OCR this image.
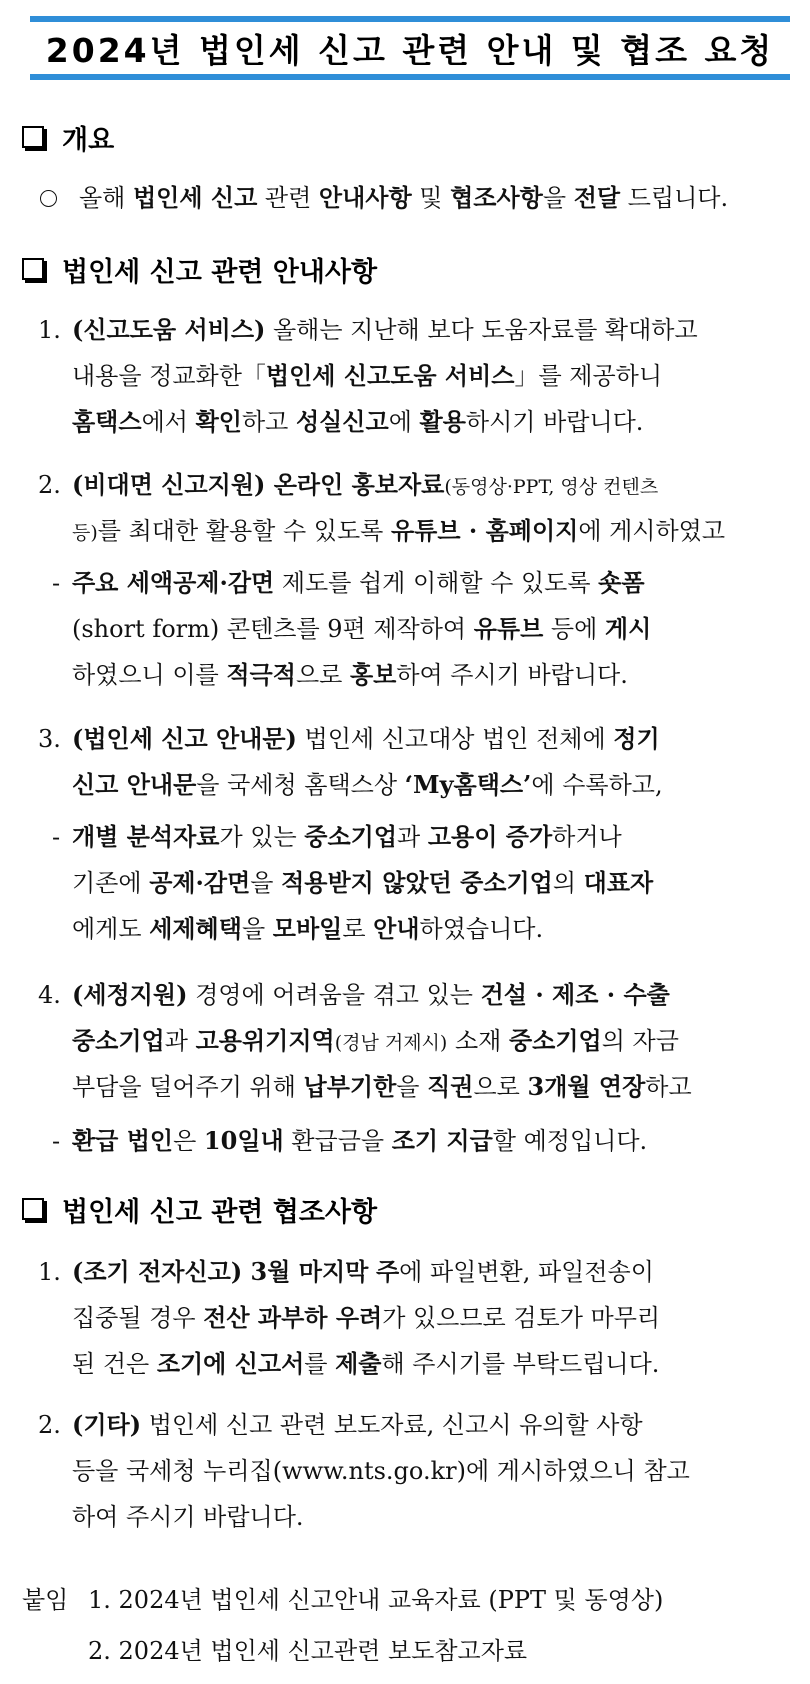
2024년 법인세 신고 관련 안내 및 협조 요청
개요
올해 법인세 신고 관련 안내사항 및 협조사항을 전달 드립니다.
법인세 신고 관련 안내사항
1. (신고도움 서비스) 올해는 지난해 보다 도움자료를 확대하고
내용을 정교화한「법인세 신고도움 서비스」를 제공하니
홈택스에서 확인하고 성실신고에 활용하시기 바랍니다.
2. (비대면 신고지원) 온라인 홍보자료(동영상·PPT, 영상 컨텐츠
등)를 최대한 활용할 수 있도록 유튜브 · 홈페이지에 게시하였고
- 주요 세액공제·감면 제도를 쉽게 이해할 수 있도록 숏폼
(short form) 콘텐츠를 9편 제작하여 유튜브 등에 게시
하였으니 이를 적극적으로 홍보하여 주시기 바랍니다.
3. (법인세 신고 안내문) 법인세 신고대상 법인 전체에 정기
신고 안내문을 국세청 홈택스상 ‘My홈택스’에 수록하고,
- 개별 분석자료가 있는 중소기업과 고용이 증가하거나
기존에 공제·감면을 적용받지 않았던 중소기업의 대표자
에게도 세제혜택을 모바일로 안내하였습니다.
4. (세정지원) 경영에 어려움을 겪고 있는 건설 · 제조 · 수출
중소기업과 고용위기지역(경남 거제시) 소재 중소기업의 자금
부담을 덜어주기 위해 납부기한을 직권으로 3개월 연장하고
- 환급 법인은 10일내 환급금을 조기 지급할 예정입니다.
법인세 신고 관련 협조사항
1. (조기 전자신고) 3월 마지막 주에 파일변환, 파일전송이
집중될 경우 전산 과부하 우려가 있으므로 검토가 마무리
된 건은 조기에 신고서를 제출해 주시기를 부탁드립니다.
2. (기타) 법인세 신고 관련 보도자료, 신고시 유의할 사항
등을 국세청 누리집(www.nts.go.kr)에 게시하였으니 참고
하여 주시기 바랍니다.
붙임 1. 2024년 법인세 신고안내 교육자료 (PPT 및 동영상)
2. 2024년 법인세 신고관련 보도참고자료
